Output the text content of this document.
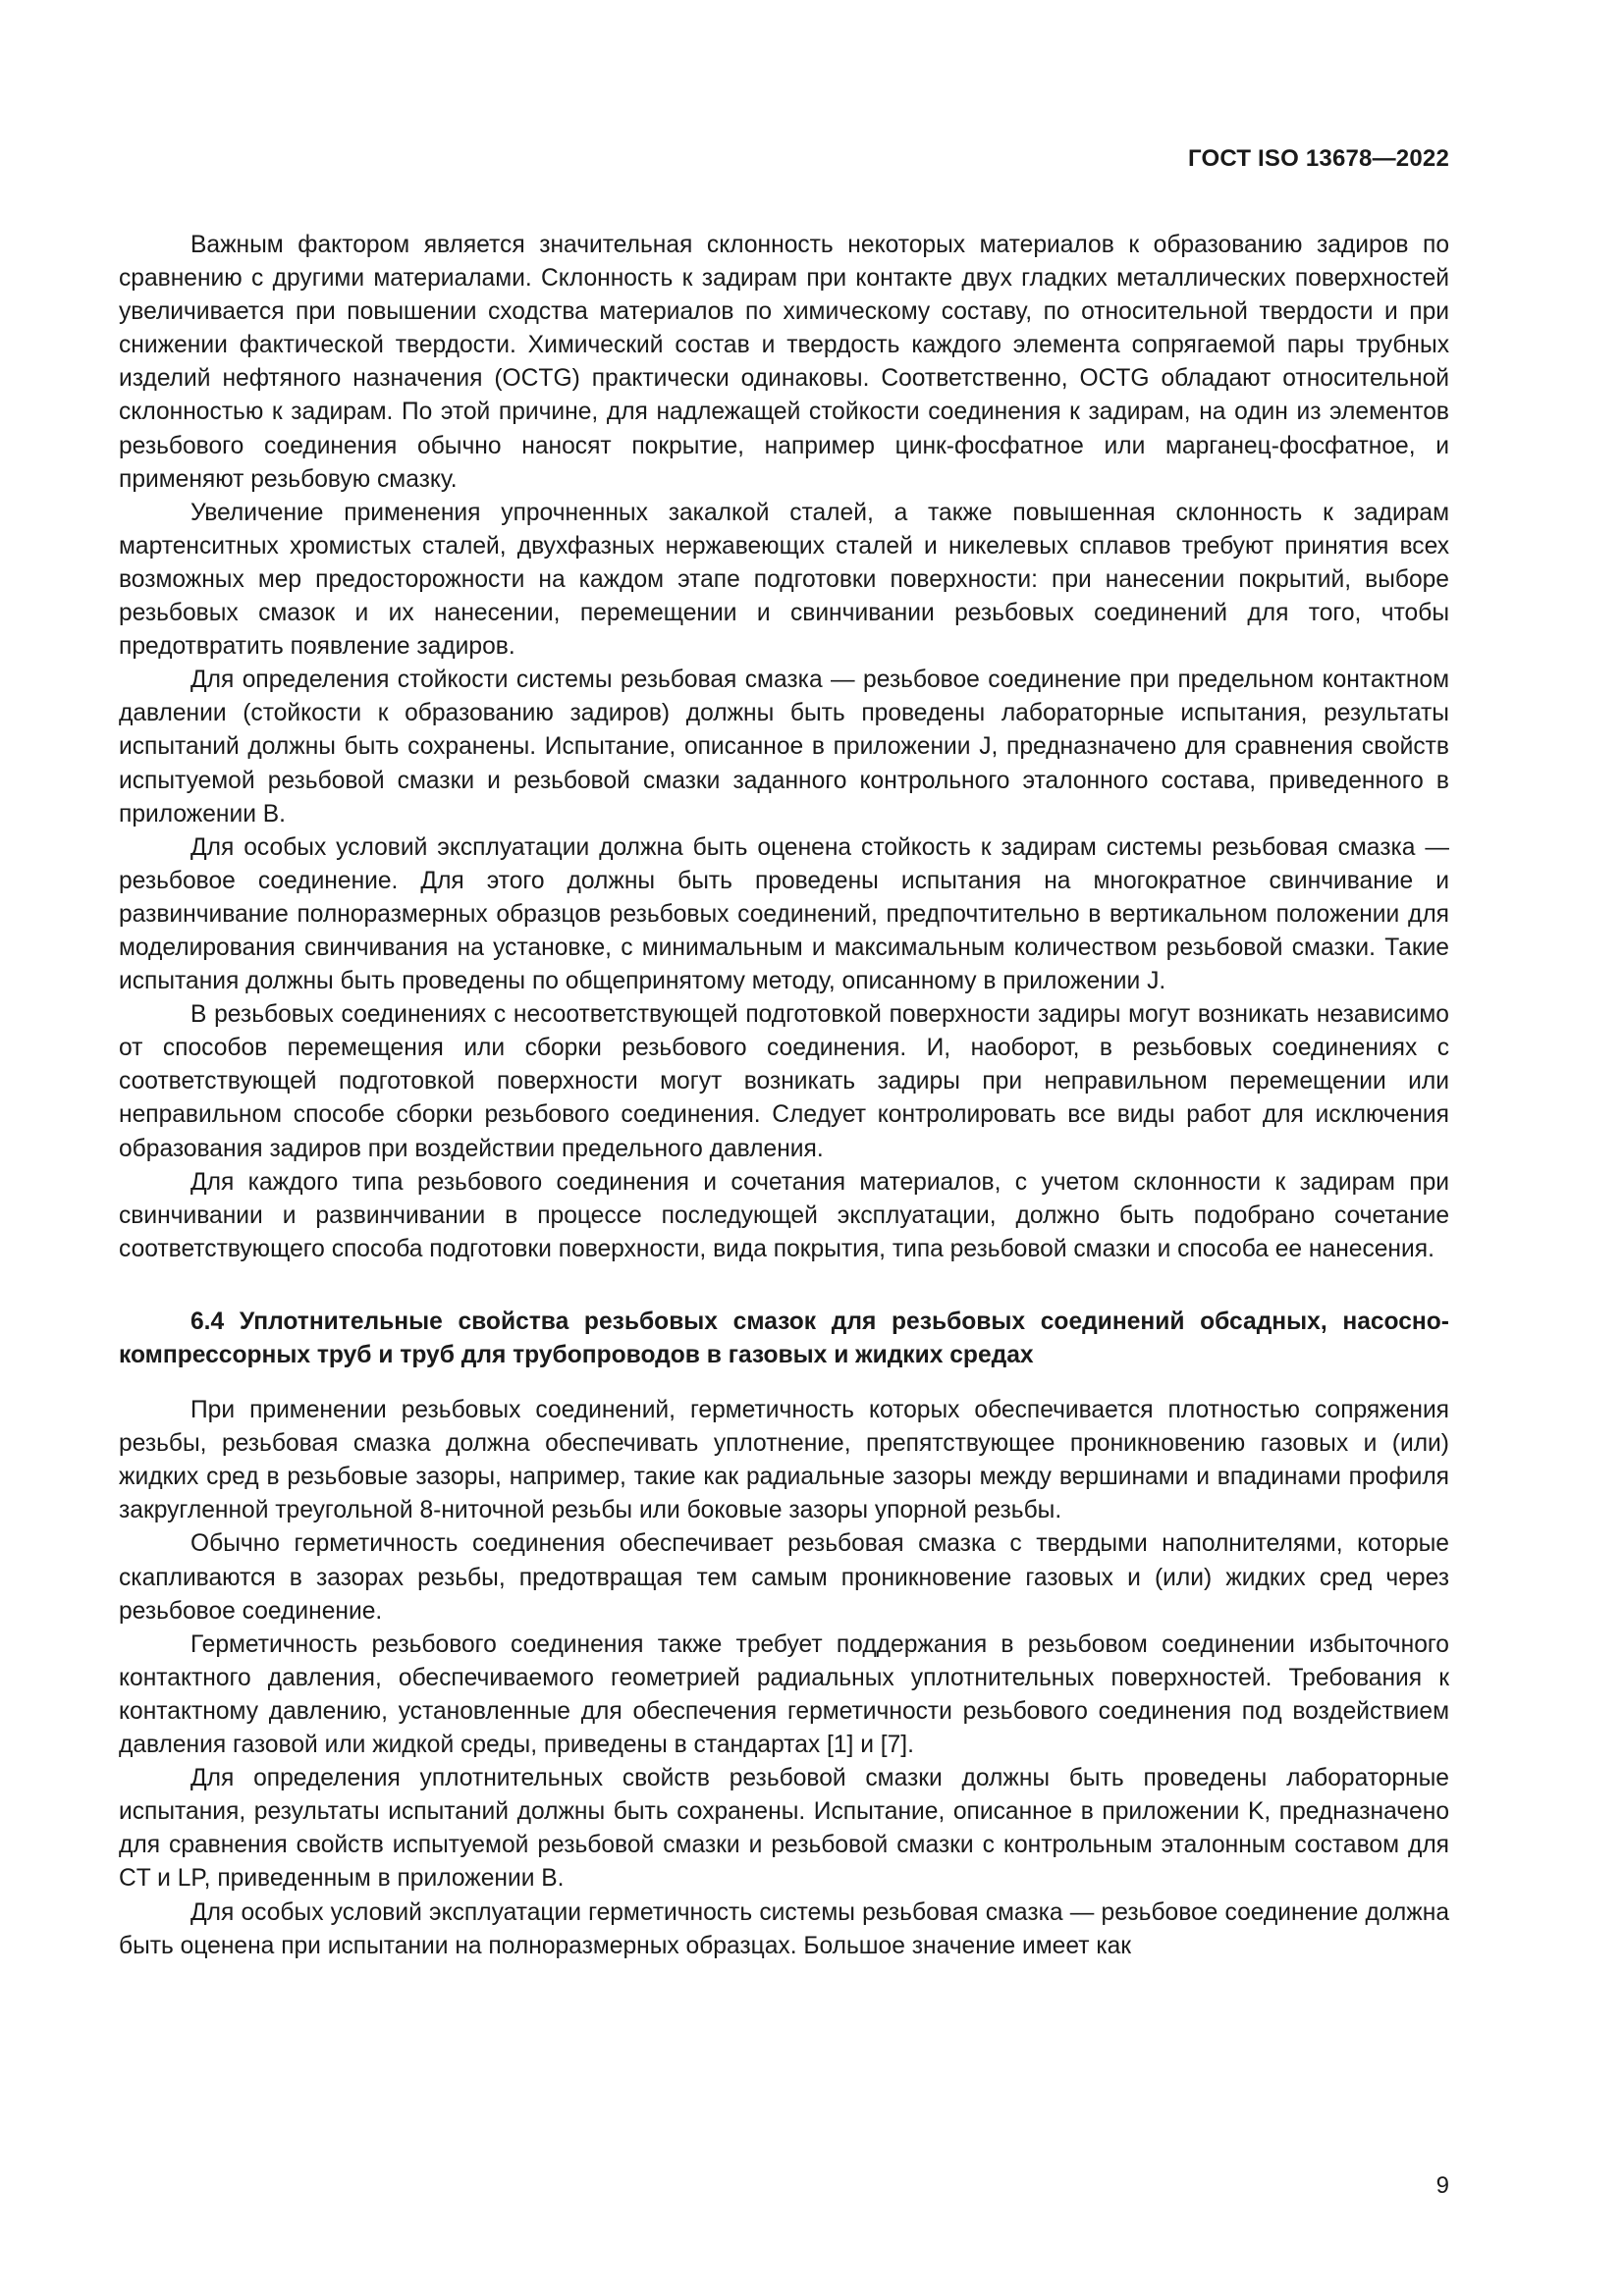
ГОСТ ISO 13678—2022

Важным фактором является значительная склонность некоторых материалов к образованию задиров по сравнению с другими материалами. Склонность к задирам при контакте двух гладких металлических поверхностей увеличивается при повышении сходства материалов по химическому составу, по относительной твердости и при снижении фактической твердости. Химический состав и твердость каждого элемента сопрягаемой пары трубных изделий нефтяного назначения (OCTG) практически одинаковы. Соответственно, OCTG обладают относительной склонностью к задирам. По этой причине, для надлежащей стойкости соединения к задирам, на один из элементов резьбового соединения обычно наносят покрытие, например цинк-фосфатное или марганец-фосфатное, и применяют резьбовую смазку.

Увеличение применения упрочненных закалкой сталей, а также повышенная склонность к задирам мартенситных хромистых сталей, двухфазных нержавеющих сталей и никелевых сплавов требуют принятия всех возможных мер предосторожности на каждом этапе подготовки поверхности: при нанесении покрытий, выборе резьбовых смазок и их нанесении, перемещении и свинчивании резьбовых соединений для того, чтобы предотвратить появление задиров.

Для определения стойкости системы резьбовая смазка — резьбовое соединение при предельном контактном давлении (стойкости к образованию задиров) должны быть проведены лабораторные испытания, результаты испытаний должны быть сохранены. Испытание, описанное в приложении J, предназначено для сравнения свойств испытуемой резьбовой смазки и резьбовой смазки заданного контрольного эталонного состава, приведенного в приложении В.

Для особых условий эксплуатации должна быть оценена стойкость к задирам системы резьбовая смазка — резьбовое соединение. Для этого должны быть проведены испытания на многократное свинчивание и развинчивание полноразмерных образцов резьбовых соединений, предпочтительно в вертикальном положении для моделирования свинчивания на установке, с минимальным и максимальным количеством резьбовой смазки. Такие испытания должны быть проведены по общепринятому методу, описанному в приложении J.

В резьбовых соединениях с несоответствующей подготовкой поверхности задиры могут возникать независимо от способов перемещения или сборки резьбового соединения. И, наоборот, в резьбовых соединениях с соответствующей подготовкой поверхности могут возникать задиры при неправильном перемещении или неправильном способе сборки резьбового соединения. Следует контролировать все виды работ для исключения образования задиров при воздействии предельного давления.

Для каждого типа резьбового соединения и сочетания материалов, с учетом склонности к задирам при свинчивании и развинчивании в процессе последующей эксплуатации, должно быть подобрано сочетание соответствующего способа подготовки поверхности, вида покрытия, типа резьбовой смазки и способа ее нанесения.

6.4 Уплотнительные свойства резьбовых смазок для резьбовых соединений обсадных, насосно-компрессорных труб и труб для трубопроводов в газовых и жидких средах

При применении резьбовых соединений, герметичность которых обеспечивается плотностью сопряжения резьбы, резьбовая смазка должна обеспечивать уплотнение, препятствующее проникновению газовых и (или) жидких сред в резьбовые зазоры, например, такие как радиальные зазоры между вершинами и впадинами профиля закругленной треугольной 8-ниточной резьбы или боковые зазоры упорной резьбы.

Обычно герметичность соединения обеспечивает резьбовая смазка с твердыми наполнителями, которые скапливаются в зазорах резьбы, предотвращая тем самым проникновение газовых и (или) жидких сред через резьбовое соединение.

Герметичность резьбового соединения также требует поддержания в резьбовом соединении избыточного контактного давления, обеспечиваемого геометрией радиальных уплотнительных поверхностей. Требования к контактному давлению, установленные для обеспечения герметичности резьбового соединения под воздействием давления газовой или жидкой среды, приведены в стандартах [1] и [7].

Для определения уплотнительных свойств резьбовой смазки должны быть проведены лабораторные испытания, результаты испытаний должны быть сохранены. Испытание, описанное в приложении K, предназначено для сравнения свойств испытуемой резьбовой смазки и резьбовой смазки с контрольным эталонным составом для CT и LP, приведенным в приложении В.

Для особых условий эксплуатации герметичность системы резьбовая смазка — резьбовое соединение должна быть оценена при испытании на полноразмерных образцах. Большое значение имеет как

9
